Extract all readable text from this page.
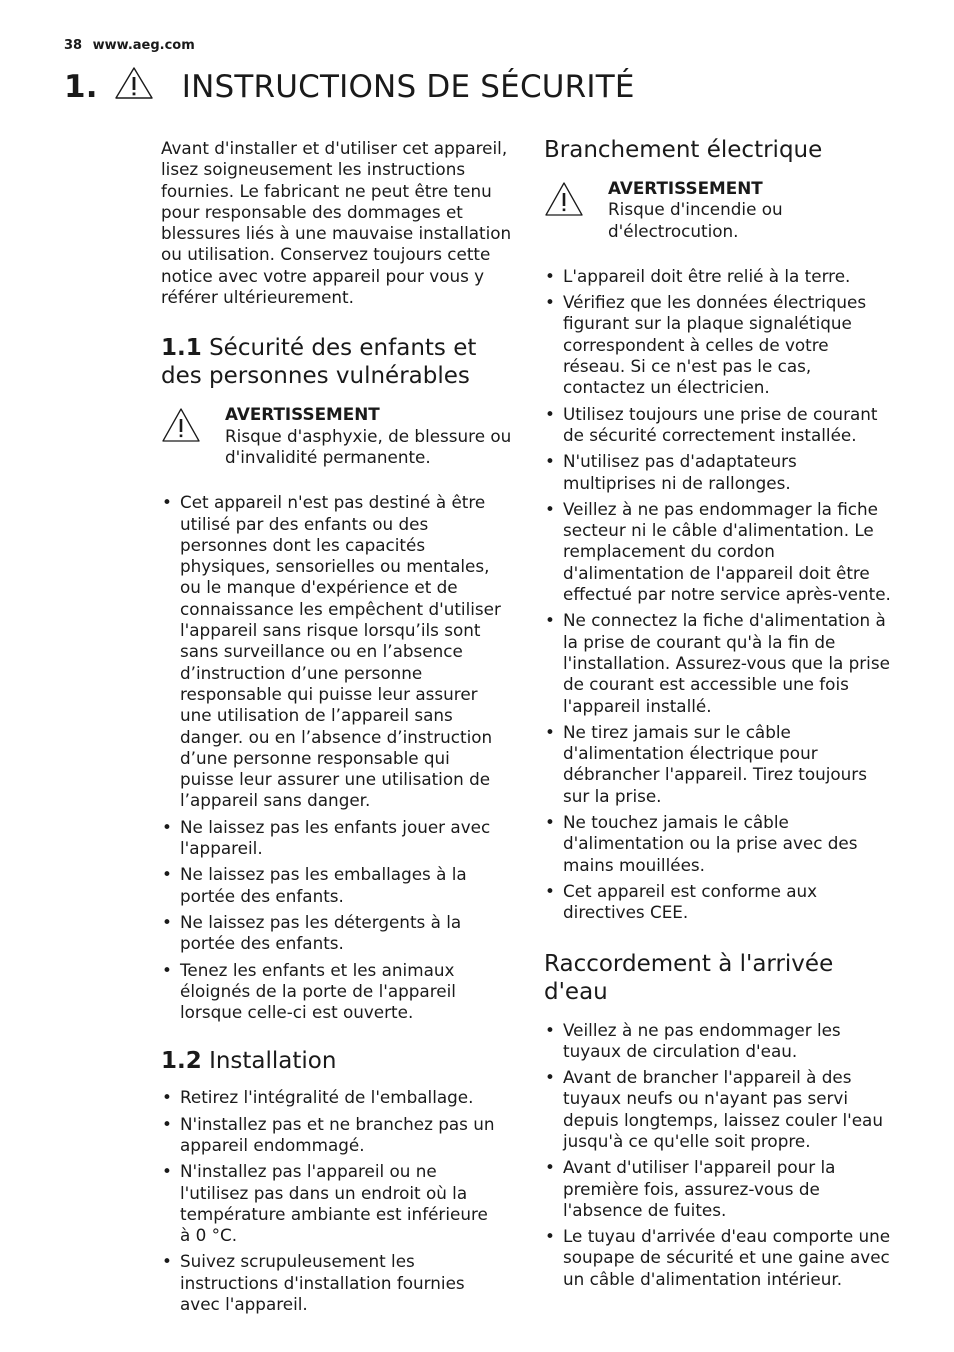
38 www.aeg.com
1.	INSTRUCTIONS DE SÉCURITÉ

Avant d'installer et d'utiliser cet appareil, lisez soigneusement les instructions fournies. Le fabricant ne peut être tenu pour responsable des dommages et blessures liés à une mauvaise installation ou utilisation. Conservez toujours cette notice avec votre appareil pour vous y référer ultérieurement.

1.1 Sécurité des enfants et des personnes vulnérables
AVERTISSEMENT
Risque d'asphyxie, de blessure ou d'invalidité permanente.
• Cet appareil n'est pas destiné à être utilisé par des enfants ou des personnes dont les capacités physiques, sensorielles ou mentales, ou le manque d'expérience et de connaissance les empêchent d'utiliser l'appareil sans risque lorsqu’ils sont sans surveillance ou en l’absence d’instruction d’une personne responsable qui puisse leur assurer une utilisation de l’appareil sans danger. ou en l’absence d’instruction d’une personne responsable qui puisse leur assurer une utilisation de l’appareil sans danger.
• Ne laissez pas les enfants jouer avec l'appareil.
• Ne laissez pas les emballages à la portée des enfants.
• Ne laissez pas les détergents à la portée des enfants.
• Tenez les enfants et les animaux éloignés de la porte de l'appareil lorsque celle-ci est ouverte.
1.2 Installation
• Retirez l'intégralité de l'emballage.
• N'installez pas et ne branchez pas un appareil endommagé.
• N'installez pas l'appareil ou ne l'utilisez pas dans un endroit où la température ambiante est inférieure à 0 °C.
• Suivez scrupuleusement les instructions d'installation fournies avec l'appareil.
Branchement électrique
AVERTISSEMENT
Risque d'incendie ou d'électrocution.
• L'appareil doit être relié à la terre.
• Vérifiez que les données électriques figurant sur la plaque signalétique correspondent à celles de votre réseau. Si ce n'est pas le cas, contactez un électricien.
• Utilisez toujours une prise de courant de sécurité correctement installée.
• N'utilisez pas d'adaptateurs multiprises ni de rallonges.
• Veillez à ne pas endommager la fiche secteur ni le câble d'alimentation. Le remplacement du cordon d'alimentation de l'appareil doit être effectué par notre service après-vente.
• Ne connectez la fiche d'alimentation à la prise de courant qu'à la fin de l'installation. Assurez-vous que la prise de courant est accessible une fois l'appareil installé.
• Ne tirez jamais sur le câble d'alimentation électrique pour débrancher l'appareil. Tirez toujours sur la prise.
• Ne touchez jamais le câble d'alimentation ou la prise avec des mains mouillées.
• Cet appareil est conforme aux directives CEE.
Raccordement à l'arrivée d'eau
• Veillez à ne pas endommager les tuyaux de circulation d'eau.
• Avant de brancher l'appareil à des tuyaux neufs ou n'ayant pas servi depuis longtemps, laissez couler l'eau jusqu'à ce qu'elle soit propre.
• Avant d'utiliser l'appareil pour la première fois, assurez-vous de l'absence de fuites.
• Le tuyau d'arrivée d'eau comporte une soupape de sécurité et une gaine avec un câble d'alimentation intérieur.
